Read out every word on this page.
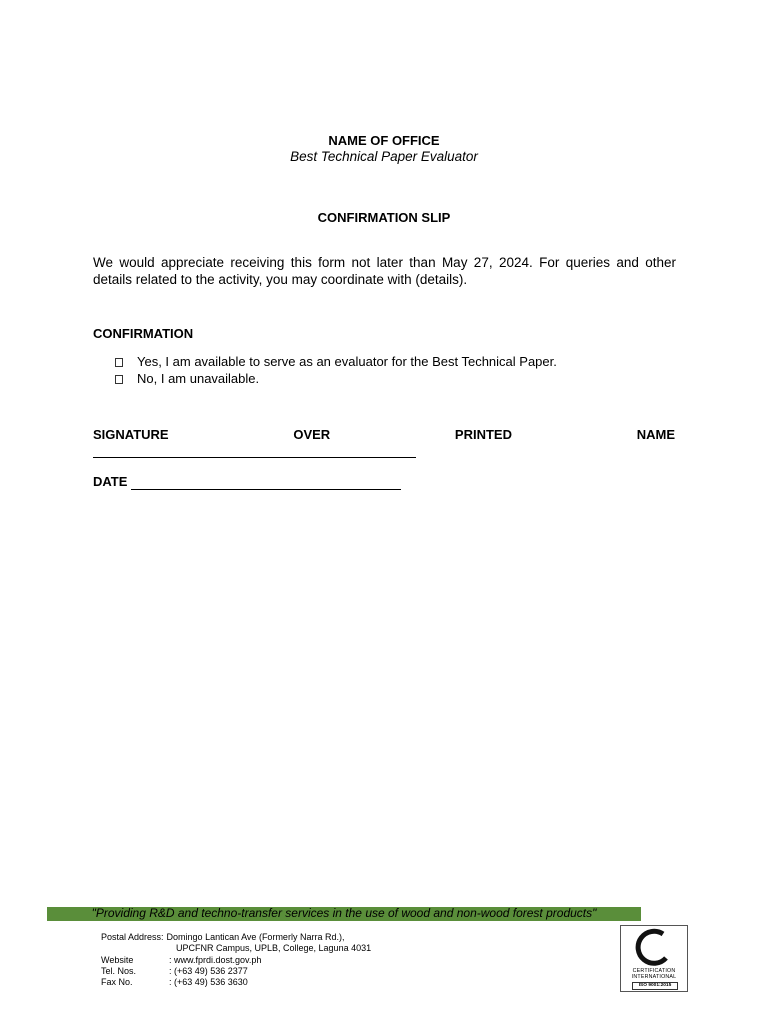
NAME OF OFFICE
Best Technical Paper Evaluator
CONFIRMATION SLIP
We would appreciate receiving this form not later than May 27, 2024. For queries and other details related to the activity, you may coordinate with (details).
CONFIRMATION
Yes, I am available to serve as an evaluator for the Best Technical Paper.
No, I am unavailable.
SIGNATURE	OVER	PRINTED	NAME
DATE
"Providing R&D and techno-transfer services in the use of wood and non-wood forest products"
Postal Address: Domingo Lantican Ave (Formerly Narra Rd.),
UPCFNR Campus, UPLB, College, Laguna 4031
Website	: www.fprdi.dost.gov.ph
Tel. Nos.	: (+63 49) 536 2377
Fax No.	: (+63 49) 536 3630
CERTIFICATION
INTERNATIONAL
ISO 9001:2015
